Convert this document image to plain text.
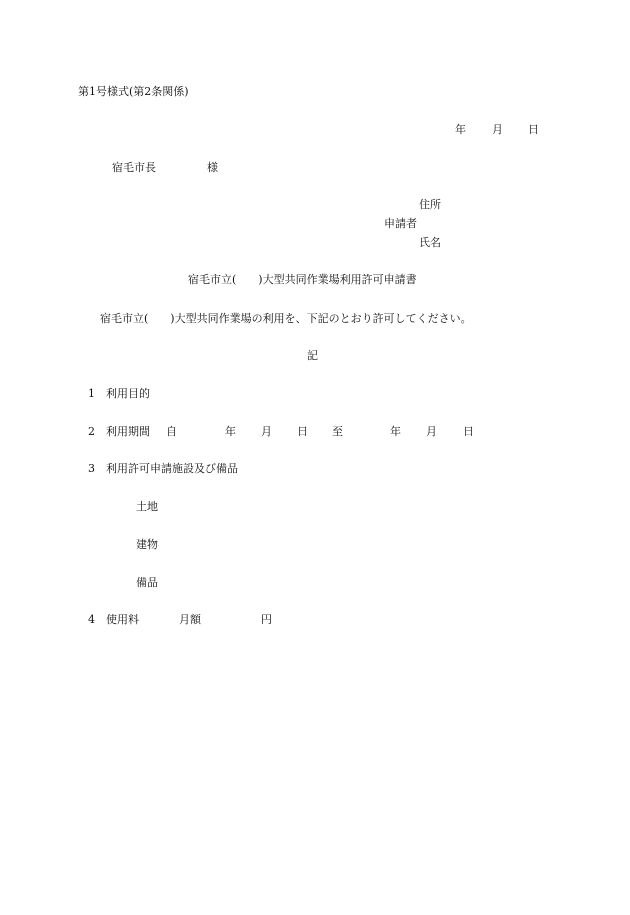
第1号様式(第2条関係)
年 月 日
宿毛市長	様
住所
申請者
氏名
宿毛市立(　　)大型共同作業場利用許可申請書
宿毛市立(　　)大型共同作業場の利用を、下記のとおり許可してください。
記
1 利用目的
2 利用期間 自	年 月 日 至	年 月 日
3 利用許可申請施設及び備品
土地
建物
備品
4 使用料	月額	円
